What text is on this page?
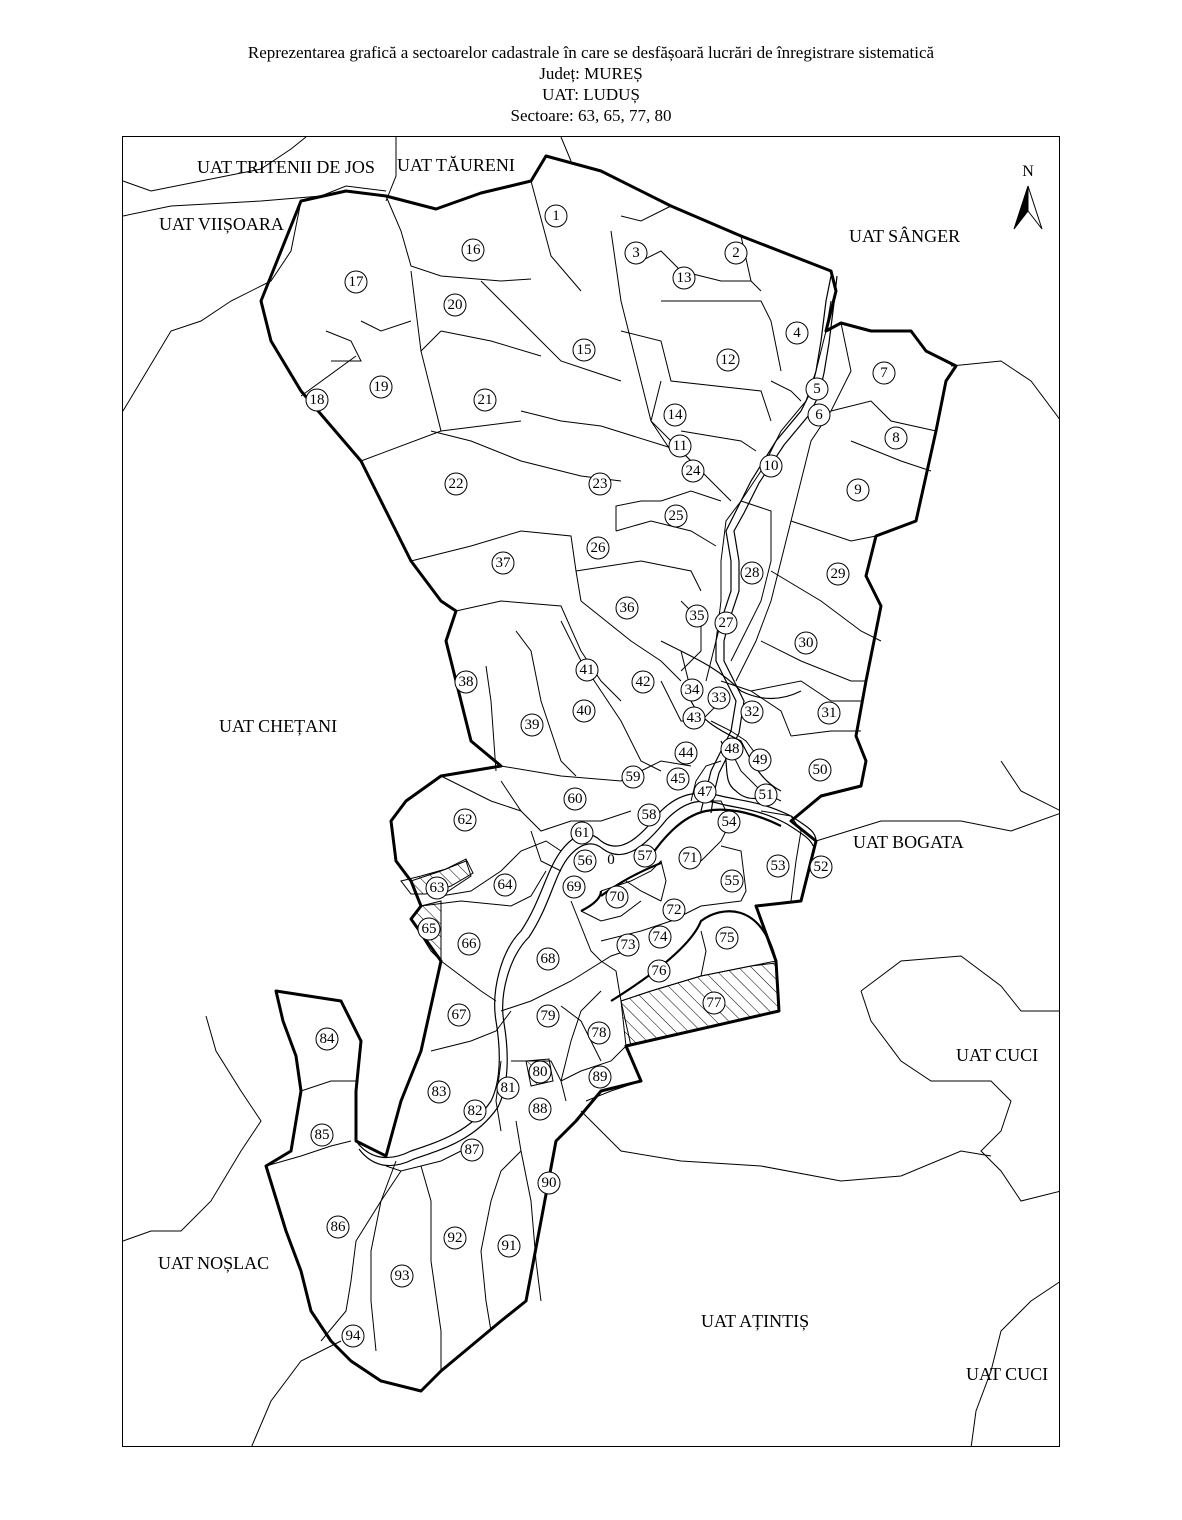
Reprezentarea grafică a sectoarelor cadastrale în care se desfășoară lucrări de înregistrare sistematică
Județ: MUREȘ
UAT: LUDUȘ
Sectoare: 63, 65, 77, 80
N
UAT TRITENII DE JOS UAT TĂURENI
UAT VIIȘOARA
UAT SÂNGER
UAT CHEȚANI
UAT BOGATA
UAT CUCI
UAT NOȘLAC
UAT AȚINTIȘ
UAT CUCI
1
2
3
4
5
6
7
8
9
10
11
12
13
14
15
16
17
18
19
20
21
22	23
24
25
26
27
28	29
30
31
32
33
34
35
36
37
38
39
40
41
42
43
44
45
47
48
49
50
51
52
53
54
55
56	57
58
59
60
61
62
63	64
65
66
67
68
69
70
71
72
73 74	75
76
77
78
79
80
81
82
83
84
85
86
87
88
89
90
91
92
93
94
0
